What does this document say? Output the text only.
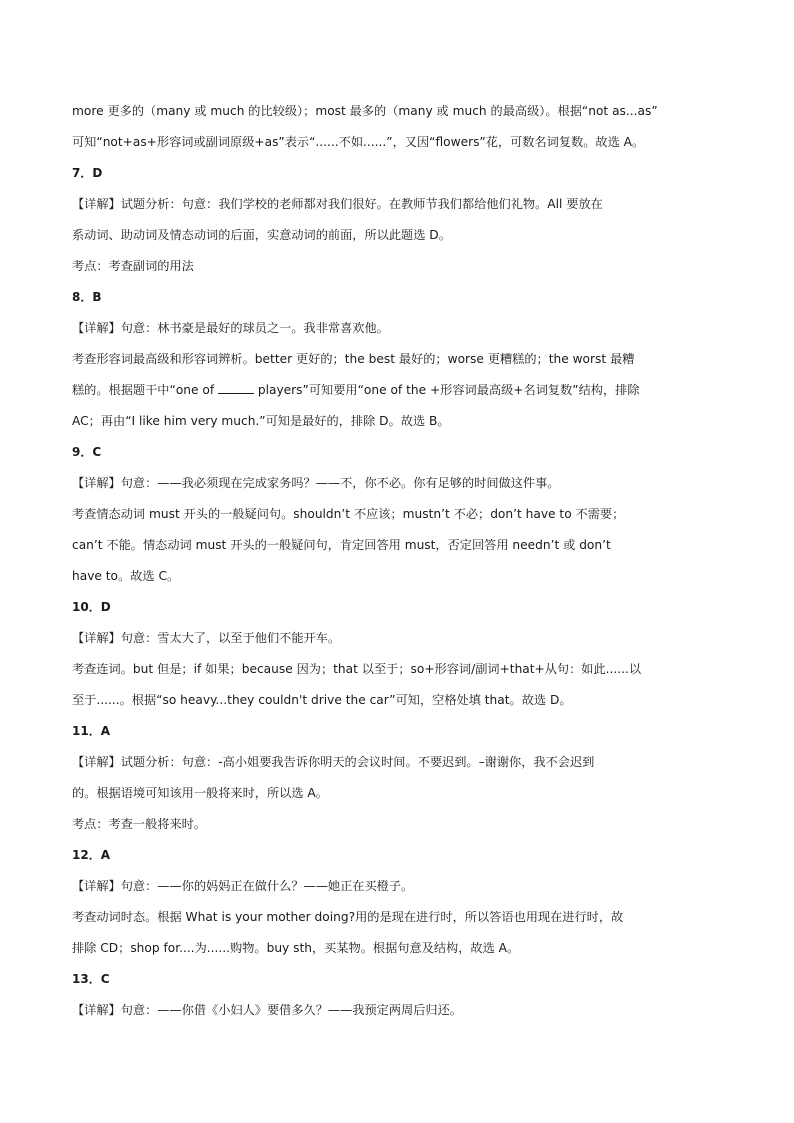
more 更多的（many 或 much 的比较级）；most 最多的（many 或 much 的最高级）。根据“not as...as”
可知“not+as+形容词或副词原级+as”表示“......不如......”，又因“flowers”花，可数名词复数。故选 A。
7．D
【详解】试题分析：句意：我们学校的老师都对我们很好。在教师节我们都给他们礼物。All 要放在
系动词、助动词及情态动词的后面，实意动词的前面，所以此题选 D。
考点：考查副词的用法
8．B
【详解】句意：林书豪是最好的球员之一。我非常喜欢他。
考查形容词最高级和形容词辨析。better 更好的；the best 最好的；worse 更糟糕的；the worst 最糟
糕的。根据题干中“one of	players”可知要用“one of the +形容词最高级+名词复数”结构，排除
AC；再由“I like him very much.”可知是最好的，排除 D。故选 B。
9．C
【详解】句意：——我必须现在完成家务吗？——不，你不必。你有足够的时间做这件事。
考查情态动词 must 开头的一般疑问句。shouldn’t 不应该；mustn’t 不必；don’t have to 不需要；
can’t 不能。情态动词 must 开头的一般疑问句，肯定回答用 must，否定回答用 needn’t 或 don’t
have to。故选 C。
10．D
【详解】句意：雪太大了，以至于他们不能开车。
考查连词。but 但是；if 如果；because 因为；that 以至于；so+形容词/副词+that+从句：如此......以
至于......。根据“so heavy...they couldn't drive the car”可知，空格处填 that。故选 D。
11．A
【详解】试题分析：句意：-高小姐要我告诉你明天的会议时间。不要迟到。–谢谢你，我不会迟到
的。根据语境可知该用一般将来时，所以选 A。
考点：考查一般将来时。
12．A
【详解】句意：——你的妈妈正在做什么？——她正在买橙子。
考查动词时态。根据 What is your mother doing?用的是现在进行时，所以答语也用现在进行时，故
排除 CD；shop for....为......购物。buy sth，买某物。根据句意及结构，故选 A。
13．C
【详解】句意：——你借《小妇人》要借多久？——我预定两周后归还。
